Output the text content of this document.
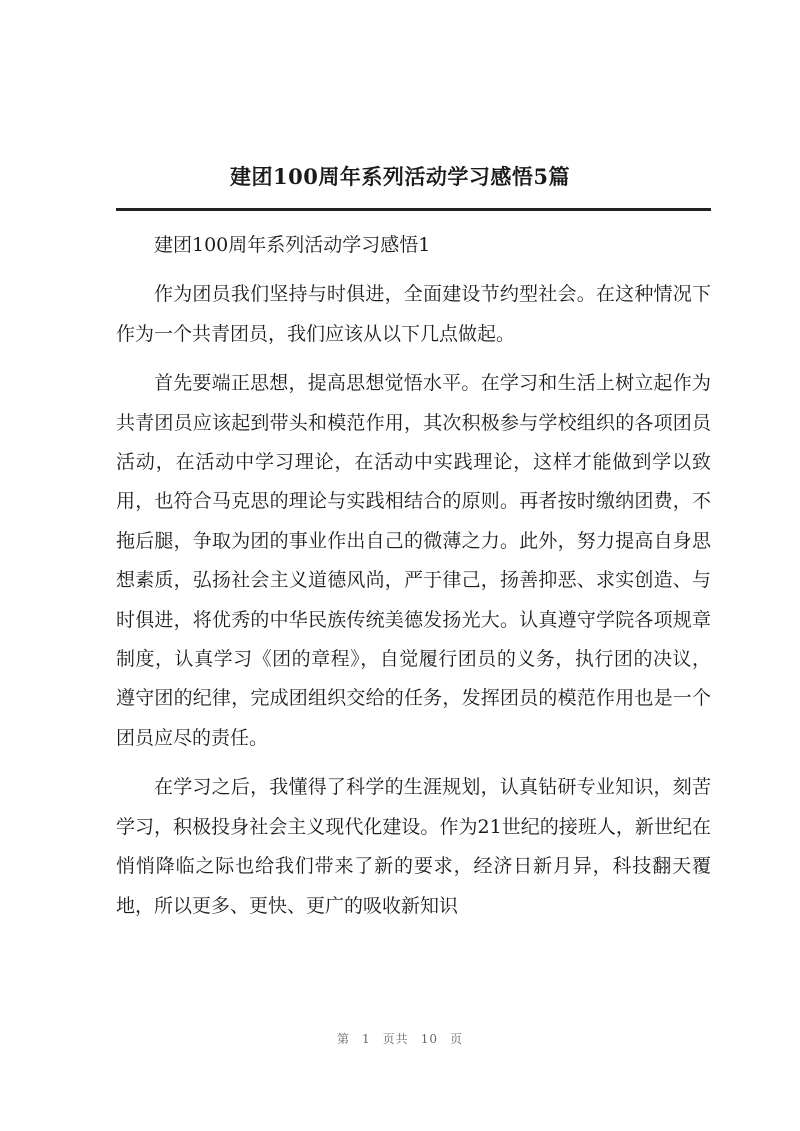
建团100周年系列活动学习感悟5篇

建团100周年系列活动学习感悟1

作为团员我们坚持与时俱进，全面建设节约型社会。在这种情况下作为一个共青团员，我们应该从以下几点做起。

首先要端正思想，提高思想觉悟水平。在学习和生活上树立起作为共青团员应该起到带头和模范作用，其次积极参与学校组织的各项团员活动，在活动中学习理论，在活动中实践理论，这样才能做到学以致用，也符合马克思的理论与实践相结合的原则。再者按时缴纳团费，不拖后腿，争取为团的事业作出自己的微薄之力。此外，努力提高自身思想素质，弘扬社会主义道德风尚，严于律己，扬善抑恶、求实创造、与时俱进，将优秀的中华民族传统美德发扬光大。认真遵守学院各项规章制度，认真学习《团的章程》，自觉履行团员的义务，执行团的决议，遵守团的纪律，完成团组织交给的任务，发挥团员的模范作用也是一个团员应尽的责任。

在学习之后，我懂得了科学的生涯规划，认真钻研专业知识，刻苦学习，积极投身社会主义现代化建设。作为21世纪的接班人，新世纪在悄悄降临之际也给我们带来了新的要求，经济日新月异，科技翻天覆地，所以更多、更快、更广的吸收新知识

第 1 页共 10 页
